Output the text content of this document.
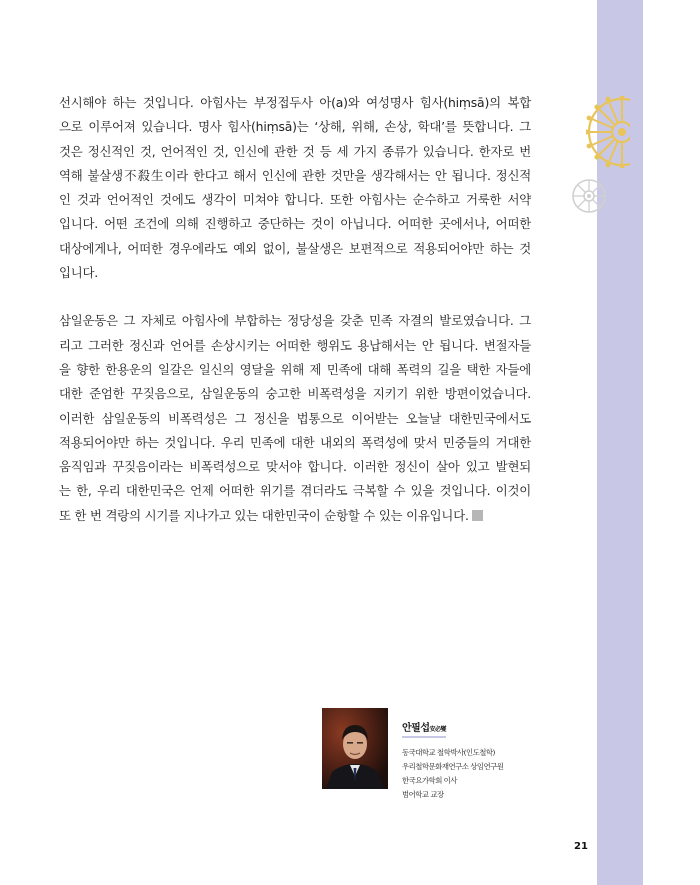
선시해야 하는 것입니다. 아힘사는 부정접두사 아(a)와 여성명사 힘사(hiṃsā)의 복합
으로 이루어져 있습니다. 명사 힘사(hiṃsā)는 ‘상해, 위해, 손상, 학대’를 뜻합니다. 그
것은 정신적인 것, 언어적인 것, 인신에 관한 것 등 세 가지 종류가 있습니다. 한자로 번
역해 불살생不殺生이라 한다고 해서 인신에 관한 것만을 생각해서는 안 됩니다. 정신적
인 것과 언어적인 것에도 생각이 미쳐야 합니다. 또한 아힘사는 순수하고 거룩한 서약
입니다. 어떤 조건에 의해 진행하고 중단하는 것이 아닙니다. 어떠한 곳에서나, 어떠한
대상에게나, 어떠한 경우에라도 예외 없이, 불살생은 보편적으로 적용되어야만 하는 것
입니다.
삼일운동은 그 자체로 아힘사에 부합하는 정당성을 갖춘 민족 자결의 발로였습니다. 그
리고 그러한 정신과 언어를 손상시키는 어떠한 행위도 용납해서는 안 됩니다. 변절자들
을 향한 한용운의 일갈은 일신의 영달을 위해 제 민족에 대해 폭력의 길을 택한 자들에
대한 준엄한 꾸짖음으로, 삼일운동의 숭고한 비폭력성을 지키기 위한 방편이었습니다.
이러한 삼일운동의 비폭력성은 그 정신을 법통으로 이어받는 오늘날 대한민국에서도
적용되어야만 하는 것입니다. 우리 민족에 대한 내외의 폭력성에 맞서 민중들의 거대한
움직임과 꾸짖음이라는 비폭력성으로 맞서야 합니다. 이러한 정신이 살아 있고 발현되
는 한, 우리 대한민국은 언제 어떠한 위기를 겪더라도 극복할 수 있을 것입니다. 이것이
또 한 번 격랑의 시기를 지나가고 있는 대한민국이 순항할 수 있는 이유입니다.
안필섭安必燮
동국대학교 철학박사(인도철학)
우리철학문화재연구소 상임연구원
한국요가학회 이사
범어학교 교장
21
